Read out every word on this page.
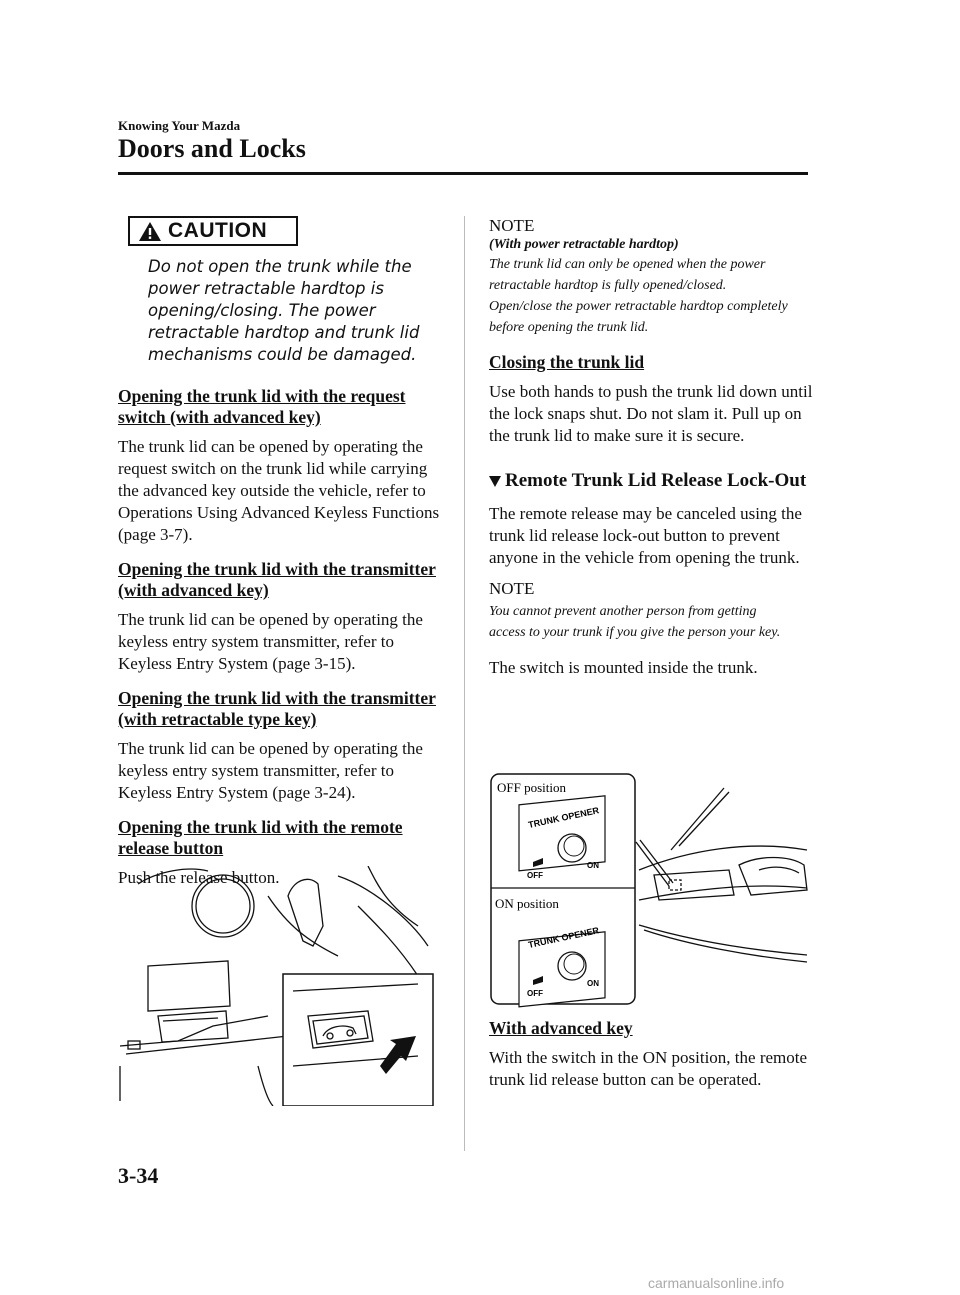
Knowing Your Mazda
Doors and Locks
CAUTION

Do not open the trunk while the power retractable hardtop is opening/closing. The power retractable hardtop and trunk lid mechanisms could be damaged.

Opening the trunk lid with the request switch (with advanced key)

The trunk lid can be opened by operating the request switch on the trunk lid while carrying the advanced key outside the vehicle, refer to Operations Using Advanced Keyless Functions (page 3-7).

Opening the trunk lid with the transmitter (with advanced key)

The trunk lid can be opened by operating the keyless entry system transmitter, refer to Keyless Entry System (page 3-15).

Opening the trunk lid with the transmitter (with retractable type key)

The trunk lid can be opened by operating the keyless entry system transmitter, refer to Keyless Entry System (page 3-24).

Opening the trunk lid with the remote release button

Push the release button.

NOTE

(With power retractable hardtop)

The trunk lid can only be opened when the power retractable hardtop is fully opened/closed. Open/close the power retractable hardtop completely before opening the trunk lid.

Closing the trunk lid

Use both hands to push the trunk lid down until the lock snaps shut. Do not slam it. Pull up on the trunk lid to make sure it is secure.

Remote Trunk Lid Release Lock-Out

The remote release may be canceled using the trunk lid release lock-out button to prevent anyone in the vehicle from opening the trunk.

NOTE

You cannot prevent another person from getting access to your trunk if you give the person your key.

The switch is mounted inside the trunk.

OFF position
ON position
TRUNK OPENER
OFF
ON
TRUNK OPENER
OFF
ON

With advanced key

With the switch in the ON position, the remote trunk lid release button can be operated.

3-34
carmanualsonline.info
